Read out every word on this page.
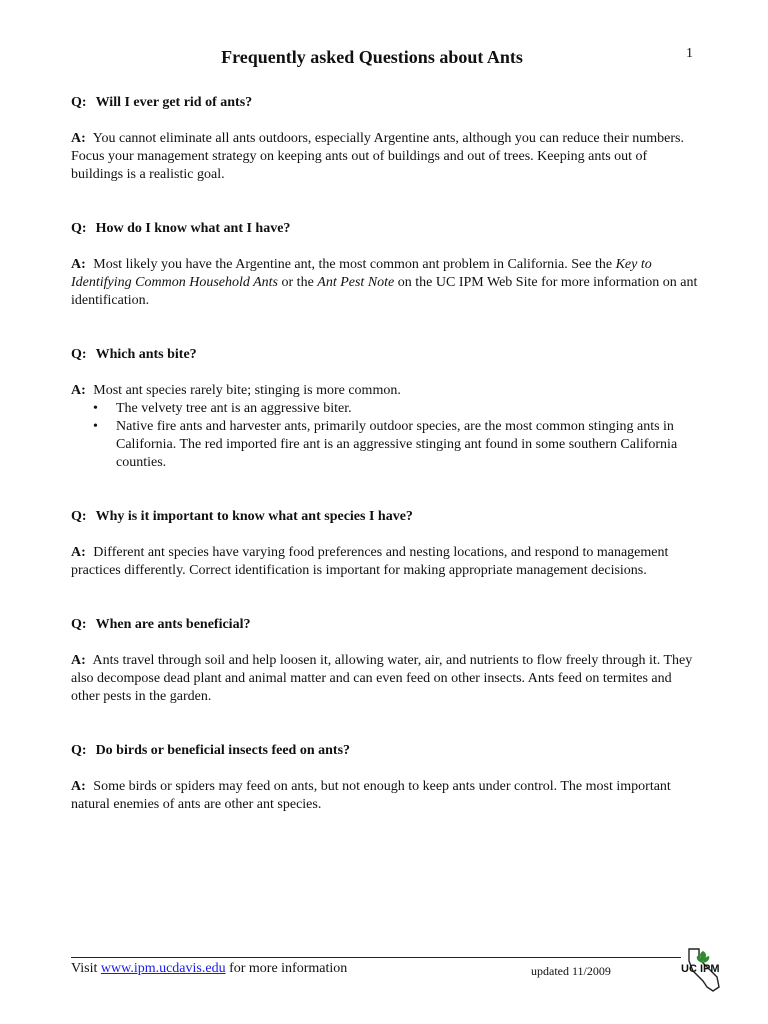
Frequently asked Questions about Ants	1

Q: Will I ever get rid of ants?

A: You cannot eliminate all ants outdoors, especially Argentine ants, although you can reduce their numbers. Focus your management strategy on keeping ants out of buildings and out of trees. Keeping ants out of buildings is a realistic goal.

Q: How do I know what ant I have?

A: Most likely you have the Argentine ant, the most common ant problem in California. See the Key to Identifying Common Household Ants or the Ant Pest Note on the UC IPM Web Site for more information on ant identification.

Q: Which ants bite?

A: Most ant species rarely bite; stinging is more common.

• The velvety tree ant is an aggressive biter.
• Native fire ants and harvester ants, primarily outdoor species, are the most common stinging ants in California. The red imported fire ant is an aggressive stinging ant found in some southern California counties.

Q: Why is it important to know what ant species I have?

A: Different ant species have varying food preferences and nesting locations, and respond to management practices differently. Correct identification is important for making appropriate management decisions.

Q: When are ants beneficial?

A: Ants travel through soil and help loosen it, allowing water, air, and nutrients to flow freely through it. They also decompose dead plant and animal matter and can even feed on other insects. Ants feed on termites and other pests in the garden.

Q: Do birds or beneficial insects feed on ants?

A: Some birds or spiders may feed on ants, but not enough to keep ants under control. The most important natural enemies of ants are other ant species.

Visit www.ipm.ucdavis.edu for more information	updated 11/2009	UC IPM
